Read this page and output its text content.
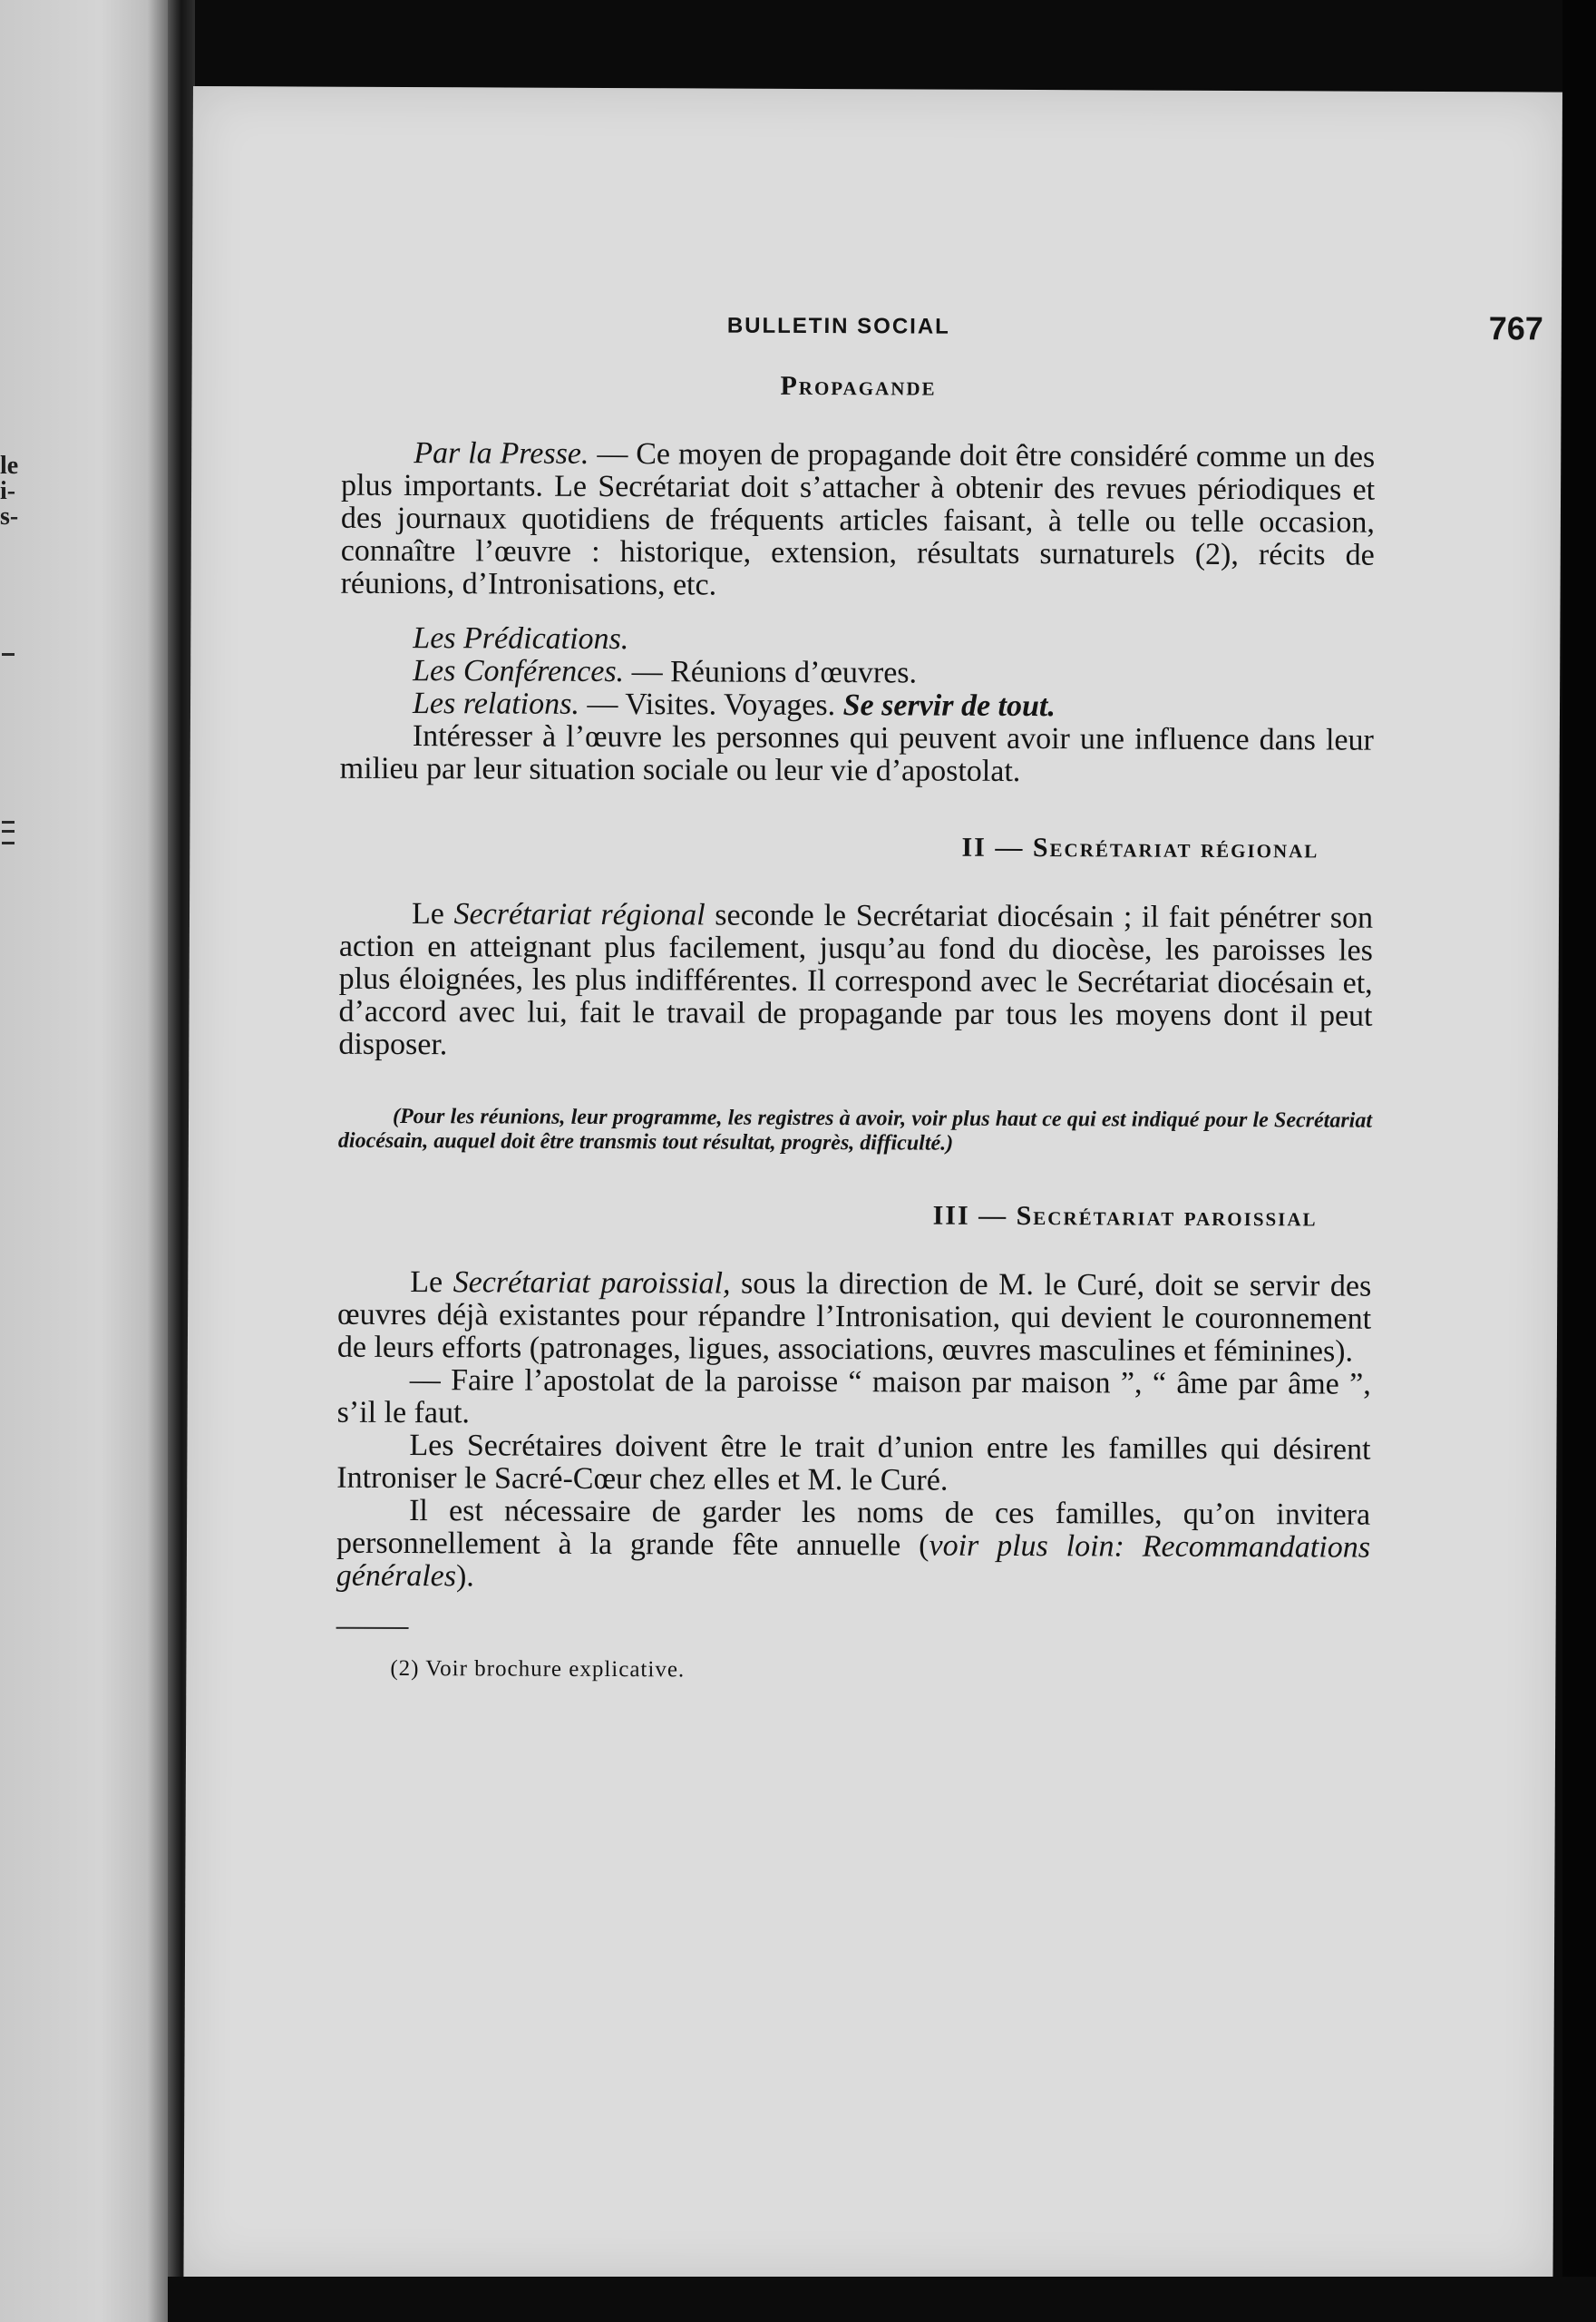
le
i-
s-
BULLETIN SOCIAL	767
Propagande

Par la Presse. — Ce moyen de propagande doit être considéré comme un des plus importants. Le Secrétariat doit s’attacher à obtenir des revues périodiques et des journaux quotidiens de fréquents articles faisant, à telle ou telle occasion, connaître l’œuvre : historique, extension, résultats surnaturels (2), récits de réunions, d’Intronisations, etc.

Les Prédications.

Les Conférences. — Réunions d’œuvres.

Les relations. — Visites. Voyages. Se servir de tout.

Intéresser à l’œuvre les personnes qui peuvent avoir une influence dans leur milieu par leur situation sociale ou leur vie d’apostolat.

II — Secrétariat régional

Le Secrétariat régional seconde le Secrétariat diocésain ; il fait pénétrer son action en atteignant plus facilement, jusqu’au fond du diocèse, les paroisses les plus éloignées, les plus indifférentes. Il correspond avec le Secrétariat diocésain et, d’accord avec lui, fait le travail de propagande par tous les moyens dont il peut disposer.

(Pour les réunions, leur programme, les registres à avoir, voir plus haut ce qui est indiqué pour le Secrétariat diocésain, auquel doit être transmis tout résultat, progrès, difficulté.)

III — Secrétariat paroissial

Le Secrétariat paroissial, sous la direction de M. le Curé, doit se servir des œuvres déjà existantes pour répandre l’Intronisation, qui devient le couronnement de leurs efforts (patronages, ligues, associations, œuvres masculines et féminines).

— Faire l’apostolat de la paroisse “ maison par maison ”, “ âme par âme ”, s’il le faut.

Les Secrétaires doivent être le trait d’union entre les familles qui désirent Introniser le Sacré-Cœur chez elles et M. le Curé.

Il est nécessaire de garder les noms de ces familles, qu’on invitera personnellement à la grande fête annuelle (voir plus loin: Recommandations générales).

(2) Voir brochure explicative.
